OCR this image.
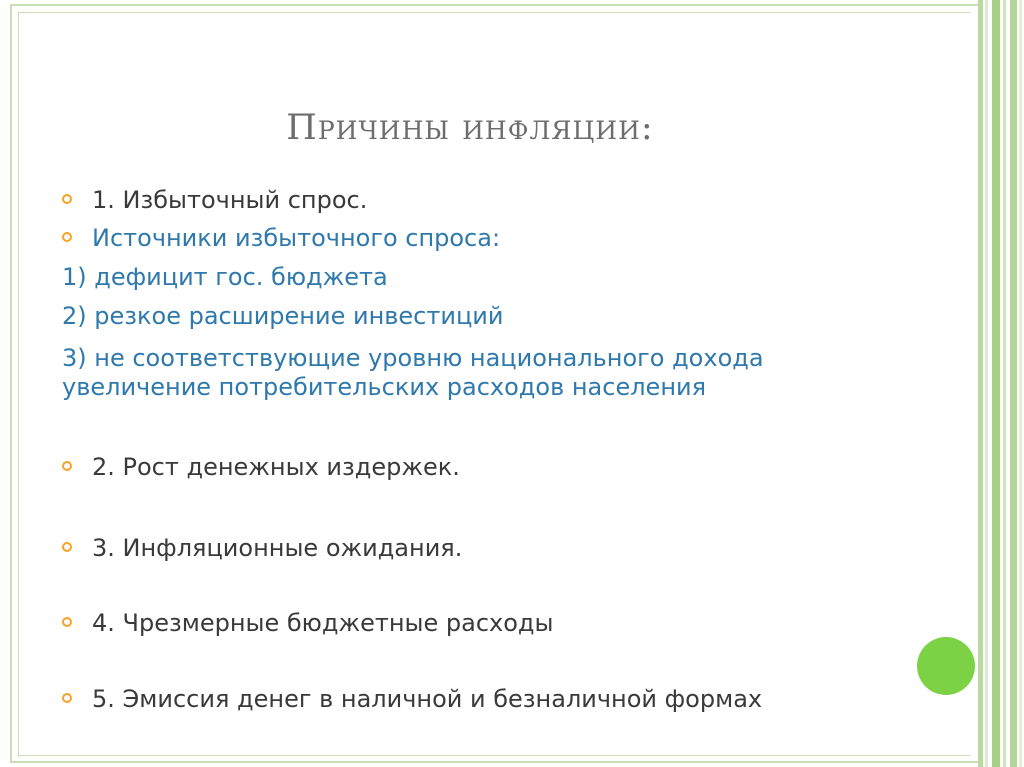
Причины инфляции:
1. Избыточный спрос.
Источники избыточного спроса:
1) дефицит гос. бюджета
2) резкое расширение инвестиций
3) не соответствующие уровню национального дохода
увеличение потребительских расходов населения
2. Рост денежных издержек.
3. Инфляционные ожидания.
4. Чрезмерные бюджетные расходы
5. Эмиссия денег в наличной и безналичной формах
